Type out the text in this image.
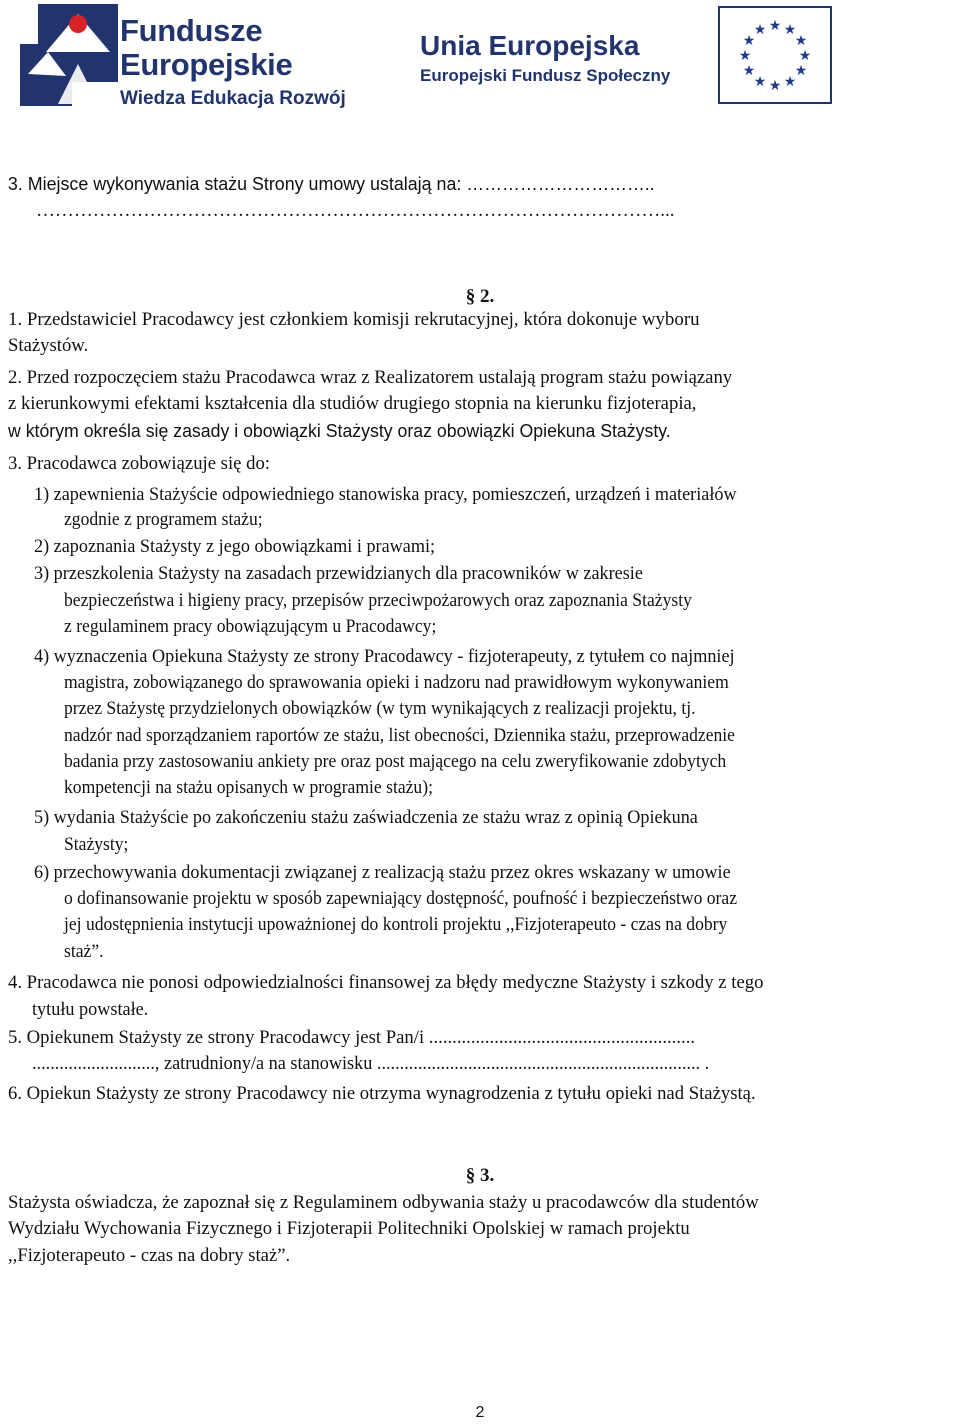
Fundusze
Europejskie
Wiedza Edukacja Rozwój
Unia Europejska
Europejski Fundusz Społeczny
★ ★
★
★
★
★
★
★
★
★
★
★
3. Miejsce wykonywania stażu Strony umowy ustalają na: …………………………..
………………………………………………………………………………………...
§ 2.
1. Przedstawiciel Pracodawcy jest członkiem komisji rekrutacyjnej, która dokonuje wyboru
Stażystów.
2. Przed rozpoczęciem stażu Pracodawca wraz z Realizatorem ustalają program stażu powiązany
z kierunkowymi efektami kształcenia dla studiów drugiego stopnia na kierunku fizjoterapia,
w którym określa się zasady i obowiązki Stażysty oraz obowiązki Opiekuna Stażysty.
3. Pracodawca zobowiązuje się do:
1) zapewnienia Stażyście odpowiedniego stanowiska pracy, pomieszczeń, urządzeń i materiałów
zgodnie z programem stażu;
2) zapoznania Stażysty z jego obowiązkami i prawami;
3) przeszkolenia Stażysty na zasadach przewidzianych dla pracowników w zakresie
bezpieczeństwa i higieny pracy, przepisów przeciwpożarowych oraz zapoznania Stażysty
z regulaminem pracy obowiązującym u Pracodawcy;
4) wyznaczenia Opiekuna Stażysty ze strony Pracodawcy - fizjoterapeuty, z tytułem co najmniej
magistra, zobowiązanego do sprawowania opieki i nadzoru nad prawidłowym wykonywaniem
przez Stażystę przydzielonych obowiązków (w tym wynikających z realizacji projektu, tj.
nadzór nad sporządzaniem raportów ze stażu, list obecności, Dziennika stażu, przeprowadzenie
badania przy zastosowaniu ankiety pre oraz post mającego na celu zweryfikowanie zdobytych
kompetencji na stażu opisanych w programie stażu);
5) wydania Stażyście po zakończeniu stażu zaświadczenia ze stażu wraz z opinią Opiekuna
Stażysty;
6) przechowywania dokumentacji związanej z realizacją stażu przez okres wskazany w umowie
o dofinansowanie projektu w sposób zapewniający dostępność, poufność i bezpieczeństwo oraz
jej udostępnienia instytucji upoważnionej do kontroli projektu ,,Fizjoterapeuto - czas na dobry
staż”.
4. Pracodawca nie ponosi odpowiedzialności finansowej za błędy medyczne Stażysty i szkody z tego
tytułu powstałe.
5. Opiekunem Stażysty ze strony Pracodawcy jest Pan/i .........................................................
..........................., zatrudniony/a na stanowisku ....................................................................... .
6. Opiekun Stażysty ze strony Pracodawcy nie otrzyma wynagrodzenia z tytułu opieki nad Stażystą.
§ 3.
Stażysta oświadcza, że zapoznał się z Regulaminem odbywania staży u pracodawców dla studentów
Wydziału Wychowania Fizycznego i Fizjoterapii Politechniki Opolskiej w ramach projektu
,,Fizjoterapeuto - czas na dobry staż”.
2
